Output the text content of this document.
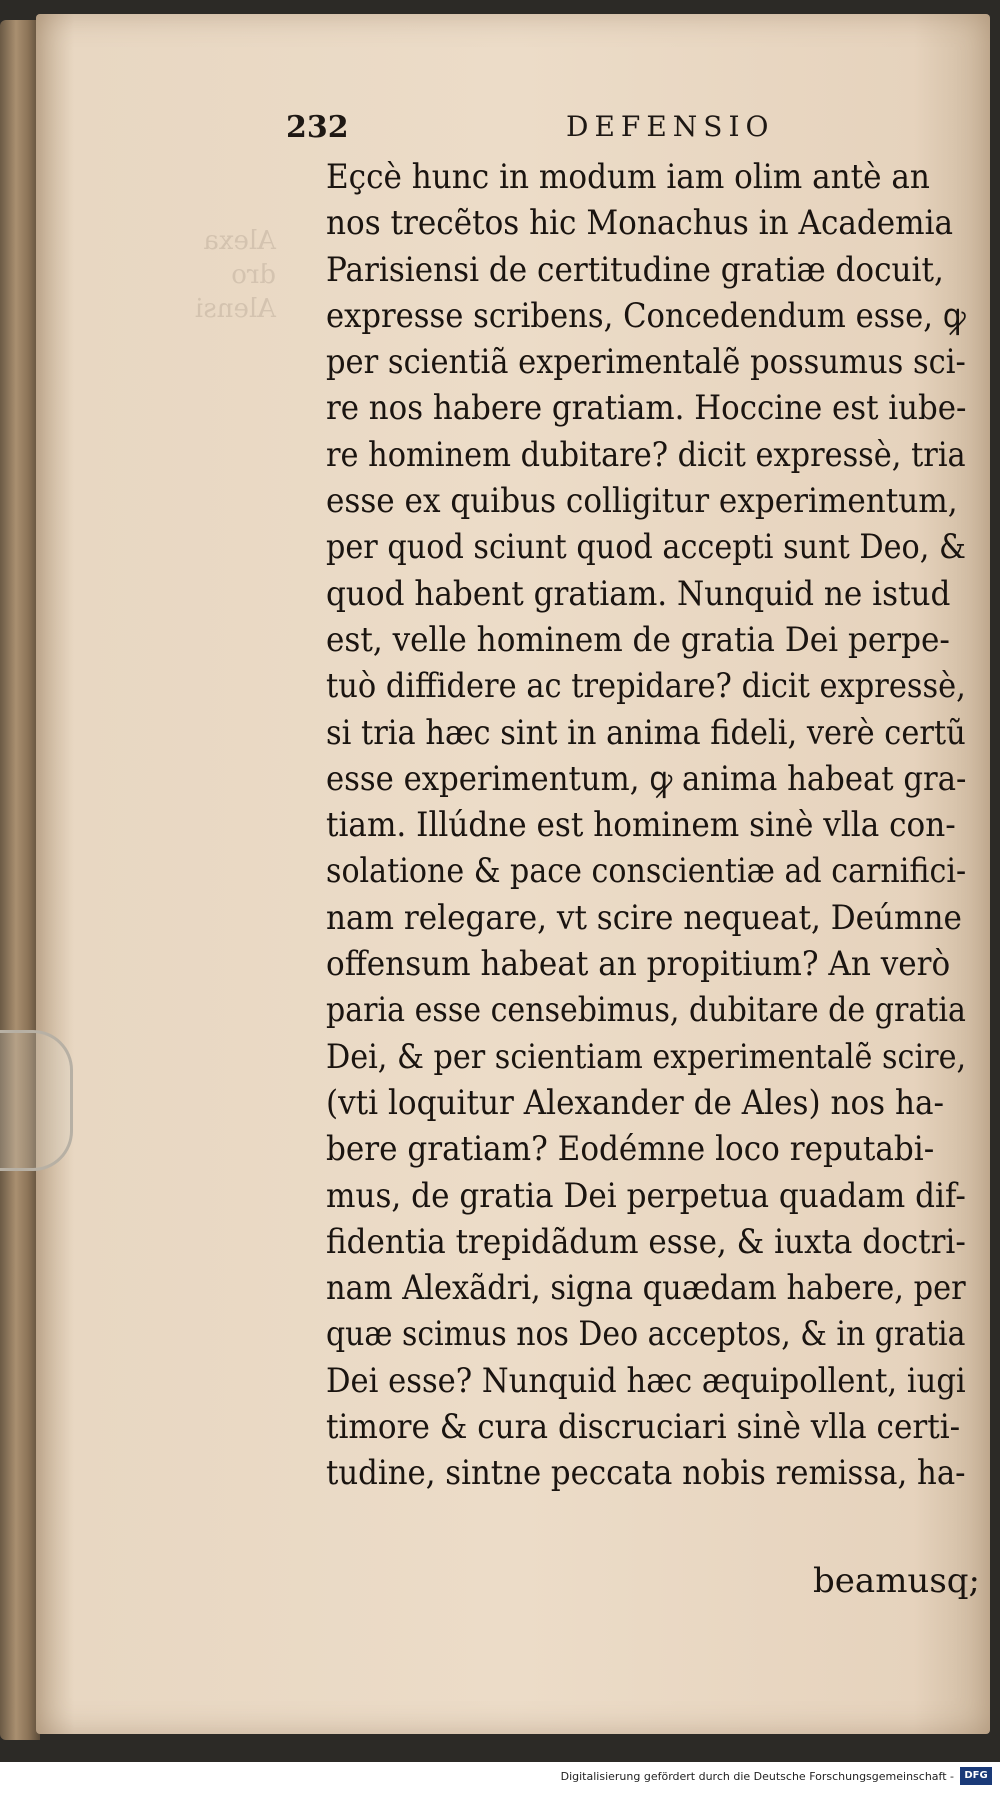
Alexa
dro
Alensi
232	DEFENSIO
Eçcè hunc in modum iam olim antè an
nos trecẽtos hic Monachus in Academia
Parisiensi de certitudine gratiæ docuit,
expresse scribens, Concedendum esse, ꝙ
per scientiã experimentalẽ possumus sci-
re nos habere gratiam. Hoccine est iube-
re hominem dubitare? dicit expressè, tria
esse ex quibus colligitur experimentum,
per quod sciunt quod accepti sunt Deo, &
quod habent gratiam. Nunquid ne istud
est, velle hominem de gratia Dei perpe-
tuò diffidere ac trepidare? dicit expressè,
si tria hæc sint in anima fideli, verè certũ
esse experimentum, ꝙ anima habeat gra-
tiam. Illúdne est hominem sinè vlla con-
solatione & pace conscientiæ ad carnifici-
nam relegare, vt scire nequeat, Deúmne
offensum habeat an propitium? An verò
paria esse censebimus, dubitare de gratia
Dei, & per scientiam experimentalẽ scire,
(vti loquitur Alexander de Ales) nos ha-
bere gratiam? Eodémne loco reputabi-
mus, de gratia Dei perpetua quadam dif-
fidentia trepidãdum esse, & iuxta doctri-
nam Alexãdri, signa quædam habere, per
quæ scimus nos Deo acceptos, & in gratia
Dei esse? Nunquid hæc æquipollent, iugi
timore & cura discruciari sinè vlla certi-
tudine, sintne peccata nobis remissa, ha-
beamusq;
Digitalisierung gefördert durch die Deutsche Forschungsgemeinschaft -	DFG
